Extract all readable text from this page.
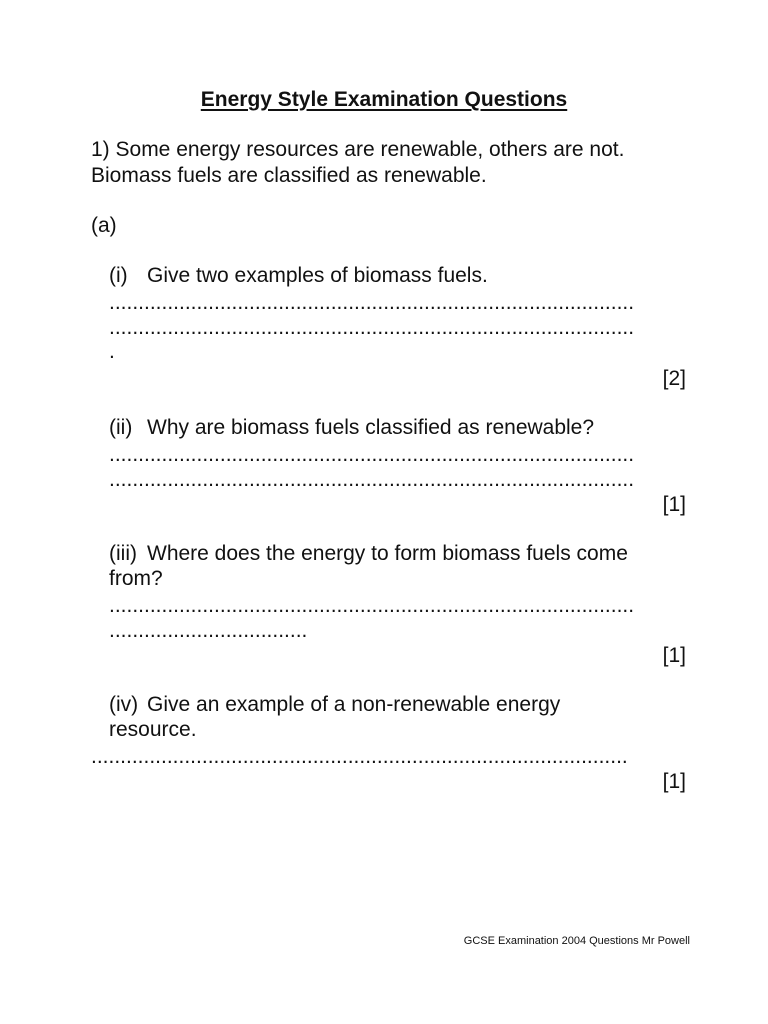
Energy Style Examination Questions
1) Some energy resources are renewable, others are not.
Biomass fuels are classified as renewable.
(a)
(i) Give two examples of biomass fuels.
..........................................................................................
..........................................................................................
.
[2]
(ii) Why are biomass fuels classified as renewable?
..........................................................................................
..........................................................................................
[1]
(iii) Where does the energy to form biomass fuels come
from?
..........................................................................................
..................................
[1]
(iv) Give an example of a non-renewable energy
resource.
............................................................................................
[1]
GCSE Examination 2004 Questions Mr Powell
